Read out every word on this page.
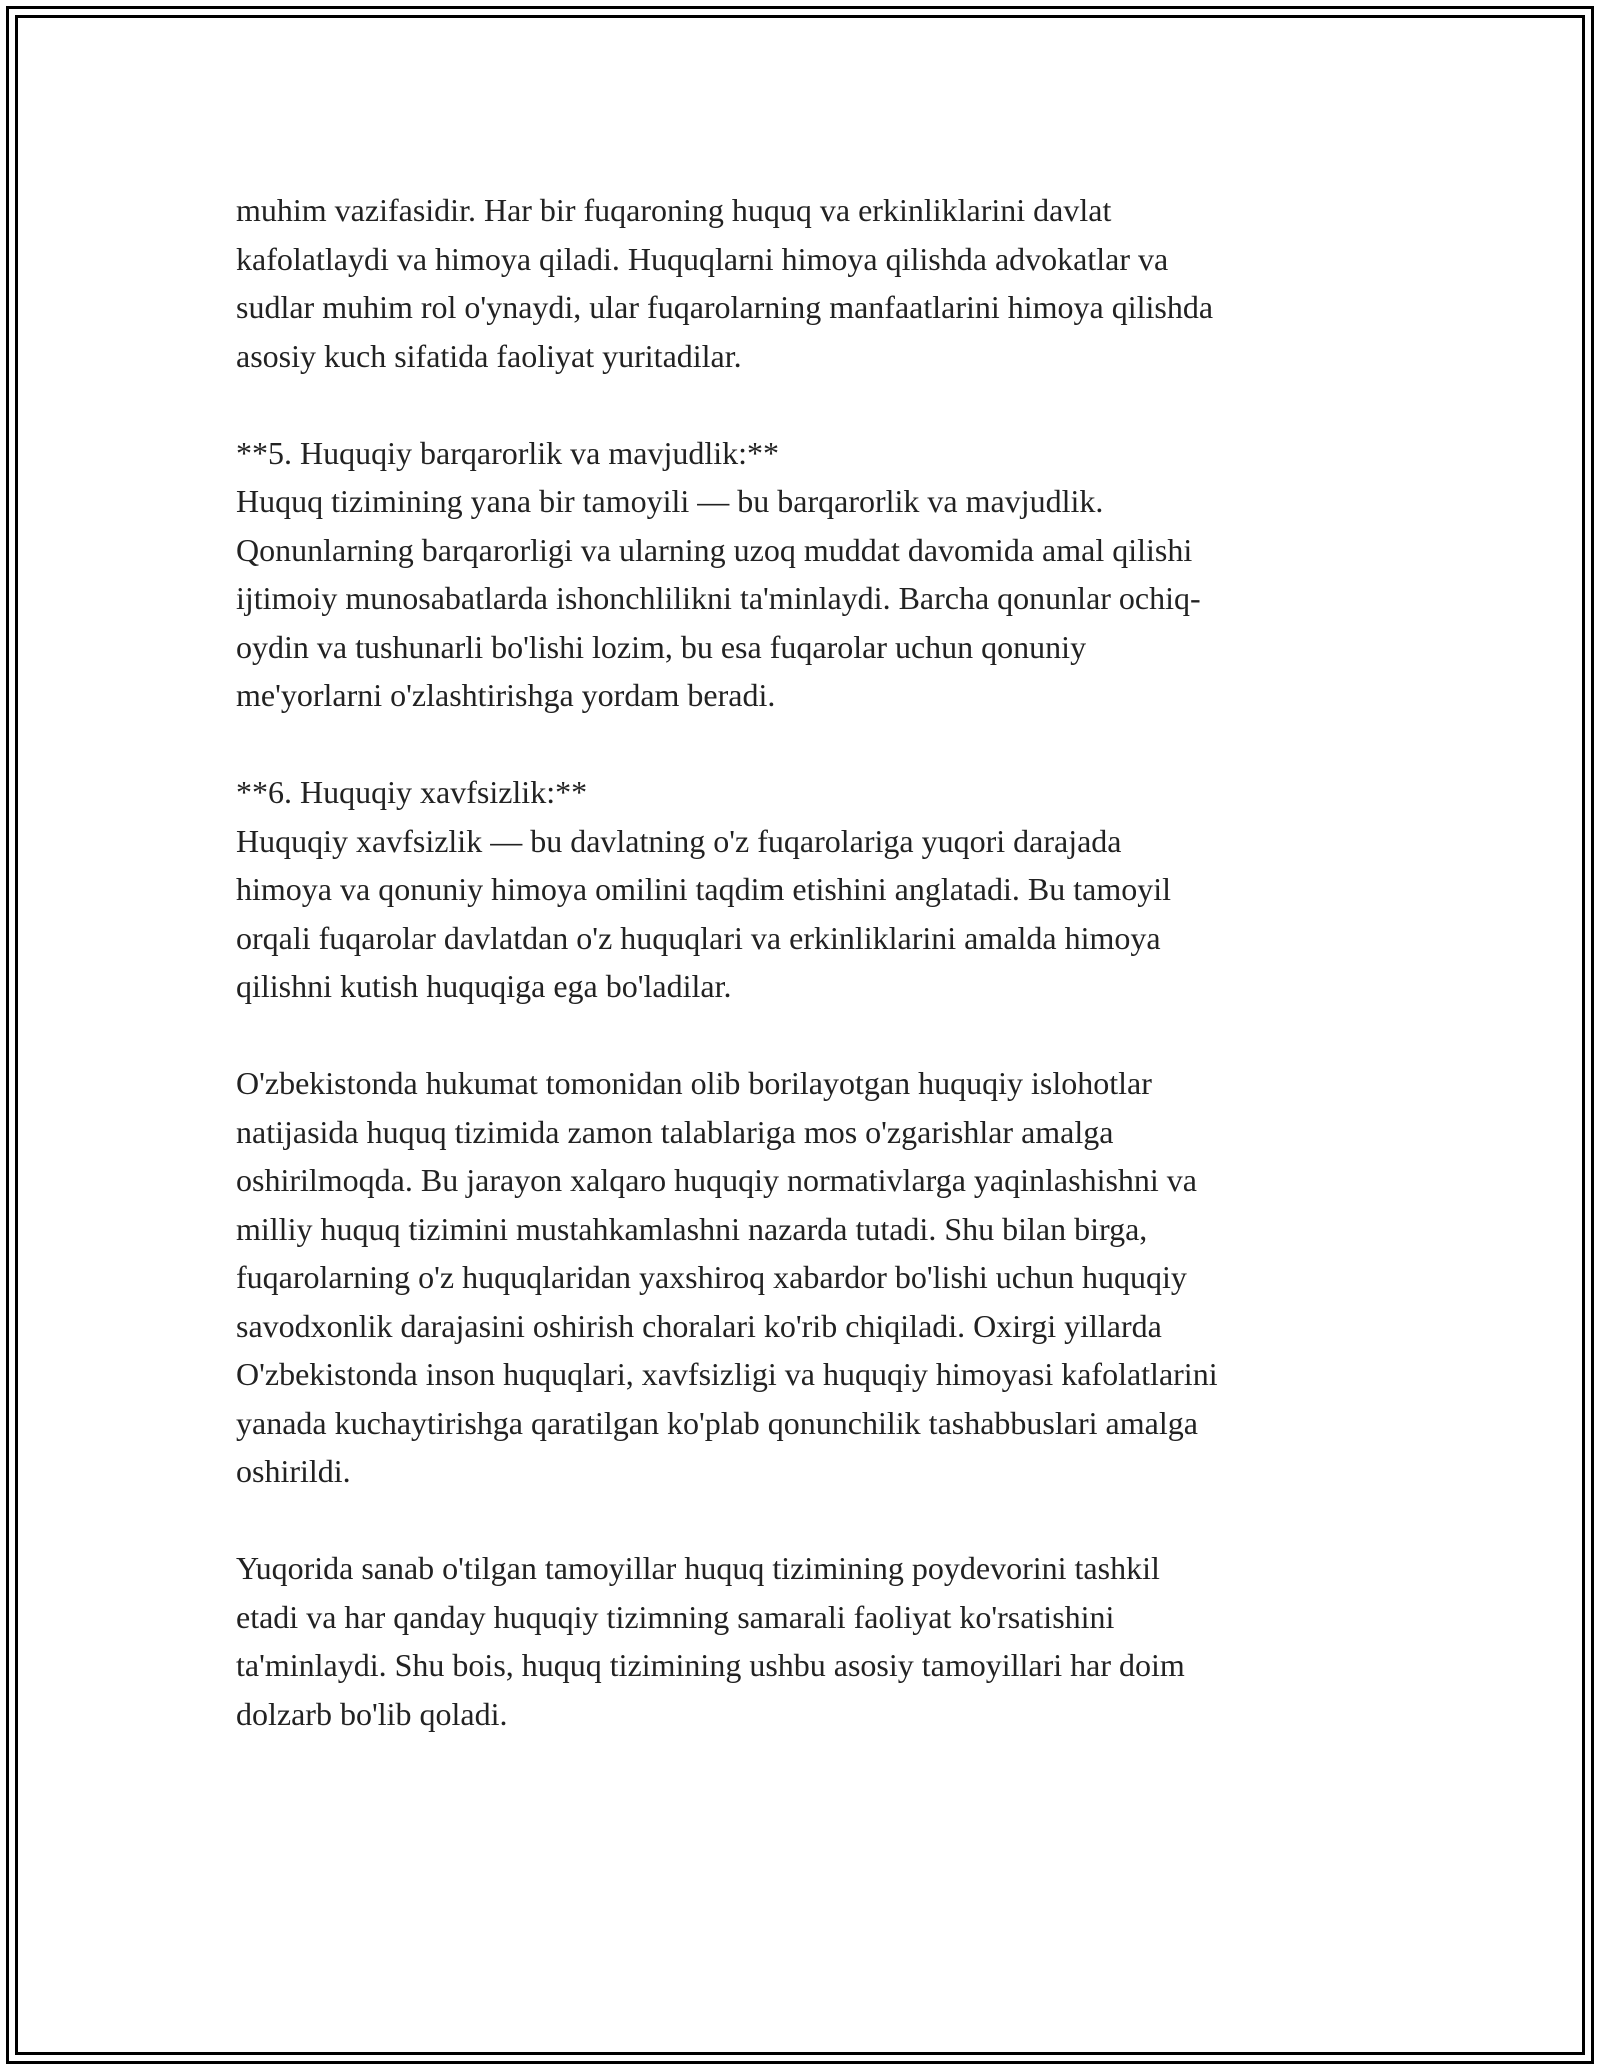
muhim vazifasidir. Har bir fuqaroning huquq va erkinliklarini davlat
kafolatlaydi va himoya qiladi. Huquqlarni himoya qilishda advokatlar va
sudlar muhim rol o'ynaydi, ular fuqarolarning manfaatlarini himoya qilishda
asosiy kuch sifatida faoliyat yuritadilar.

**5. Huquqiy barqarorlik va mavjudlik:**
Huquq tizimining yana bir tamoyili — bu barqarorlik va mavjudlik.
Qonunlarning barqarorligi va ularning uzoq muddat davomida amal qilishi
ijtimoiy munosabatlarda ishonchlilikni ta'minlaydi. Barcha qonunlar ochiq-
oydin va tushunarli bo'lishi lozim, bu esa fuqarolar uchun qonuniy
me'yorlarni o'zlashtirishga yordam beradi.

**6. Huquqiy xavfsizlik:**
Huquqiy xavfsizlik — bu davlatning o'z fuqarolariga yuqori darajada
himoya va qonuniy himoya omilini taqdim etishini anglatadi. Bu tamoyil
orqali fuqarolar davlatdan o'z huquqlari va erkinliklarini amalda himoya
qilishni kutish huquqiga ega bo'ladilar.

O'zbekistonda hukumat tomonidan olib borilayotgan huquqiy islohotlar
natijasida huquq tizimida zamon talablariga mos o'zgarishlar amalga
oshirilmoqda. Bu jarayon xalqaro huquqiy normativlarga yaqinlashishni va
milliy huquq tizimini mustahkamlashni nazarda tutadi. Shu bilan birga,
fuqarolarning o'z huquqlaridan yaxshiroq xabardor bo'lishi uchun huquqiy
savodxonlik darajasini oshirish choralari ko'rib chiqiladi. Oxirgi yillarda
O'zbekistonda inson huquqlari, xavfsizligi va huquqiy himoyasi kafolatlarini
yanada kuchaytirishga qaratilgan ko'plab qonunchilik tashabbuslari amalga
oshirildi.

Yuqorida sanab o'tilgan tamoyillar huquq tizimining poydevorini tashkil
etadi va har qanday huquqiy tizimning samarali faoliyat ko'rsatishini
ta'minlaydi. Shu bois, huquq tizimining ushbu asosiy tamoyillari har doim
dolzarb bo'lib qoladi.
